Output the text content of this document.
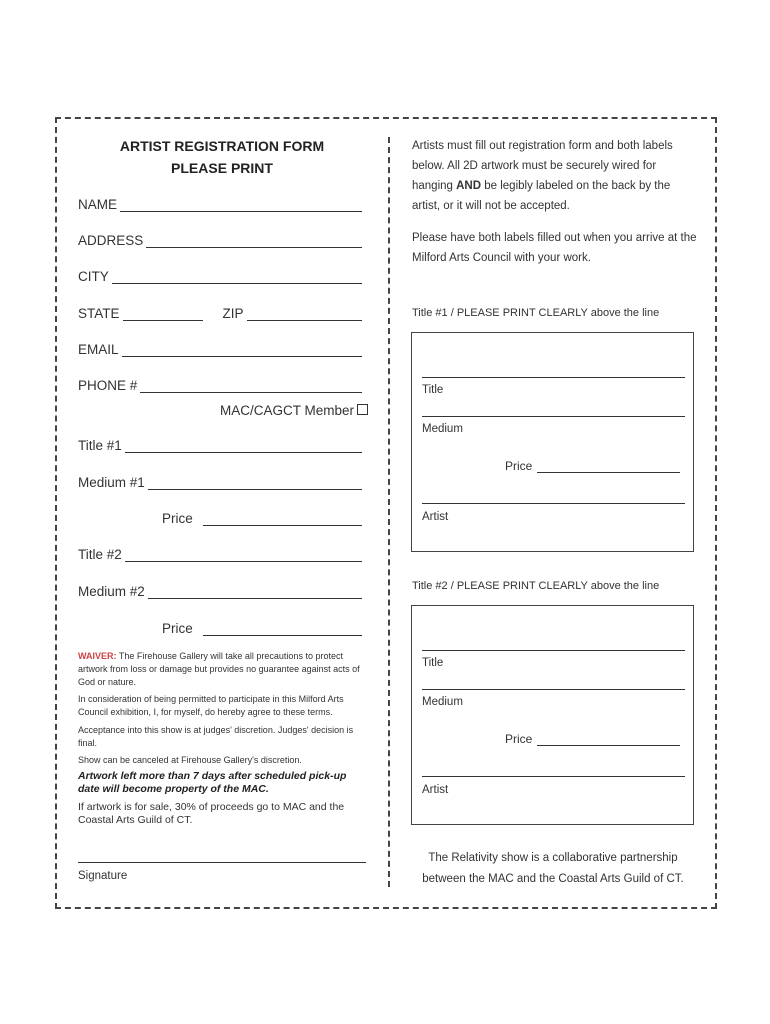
ARTIST REGISTRATION FORM
PLEASE PRINT
NAME
ADDRESS
CITY
STATE	ZIP
EMAIL
PHONE #
MAC/CAGCT Member
Title #1
Medium #1
Price
Title #2
Medium #2
Price
WAIVER: The Firehouse Gallery will take all precautions to protect artwork from loss or damage but provides no guarantee against acts of God or nature.
In consideration of being permitted to participate in this Milford Arts Council exhibition, I, for myself, do hereby agree to these terms.
Acceptance into this show is at judges' discretion. Judges' decision is final.
Show can be canceled at Firehouse Gallery's discretion.
Artwork left more than 7 days after scheduled pick-up date will become property of the MAC.
If artwork is for sale, 30% of proceeds go to MAC and the Coastal Arts Guild of CT.
Signature
Artists must fill out registration form and both labels below. All 2D artwork must be securely wired for hanging AND be legibly labeled on the back by the artist, or it will not be accepted.
Please have both labels filled out when you arrive at the Milford Arts Council with your work.
Title #1 / PLEASE PRINT CLEARLY above the line
Title
Medium
Price
Artist
Title #2 / PLEASE PRINT CLEARLY above the line
Title
Medium
Price
Artist
The Relativity show is a collaborative partnership between the MAC and the Coastal Arts Guild of CT.
